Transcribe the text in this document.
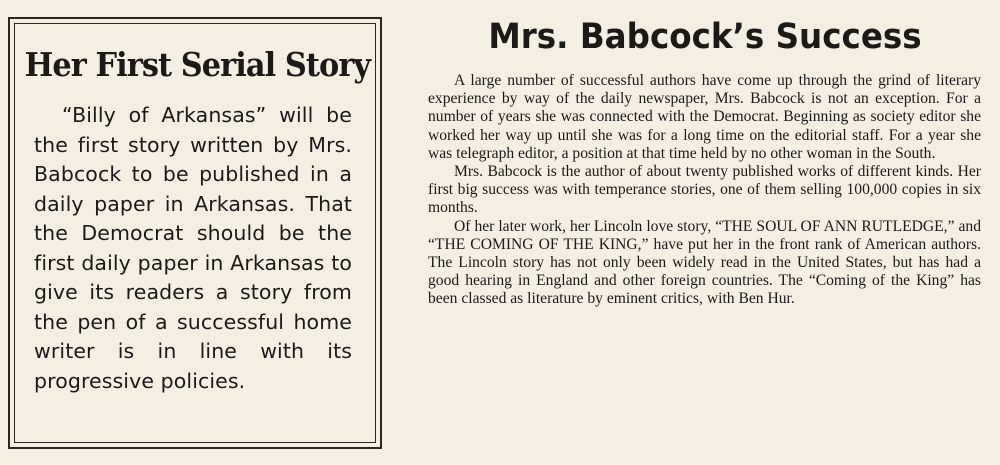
Her First Serial Story
“Billy of Arkansas” will be the first story written by Mrs. Babcock to be published in a daily paper in Arkansas. That the Democrat should be the first daily paper in Arkansas to give its readers a story from the pen of a successful home writer is in line with its progressive policies.
Mrs. Babcock’s Success

A large number of successful authors have come up through the grind of literary experience by way of the daily newspaper, Mrs. Babcock is not an exception. For a number of years she was connected with the Democrat. Beginning as society editor she worked her way up until she was for a long time on the editorial staff. For a year she was telegraph editor, a position at that time held by no other woman in the South.

Mrs. Babcock is the author of about twenty published works of different kinds. Her first big success was with temperance stories, one of them selling 100,000 copies in six months.

Of her later work, her Lincoln love story, “THE SOUL OF ANN RUTLEDGE,” and “THE COMING OF THE KING,” have put her in the front rank of American authors. The Lincoln story has not only been widely read in the United States, but has had a good hearing in England and other foreign countries. The “Coming of the King” has been classed as literature by eminent critics, with Ben Hur.
